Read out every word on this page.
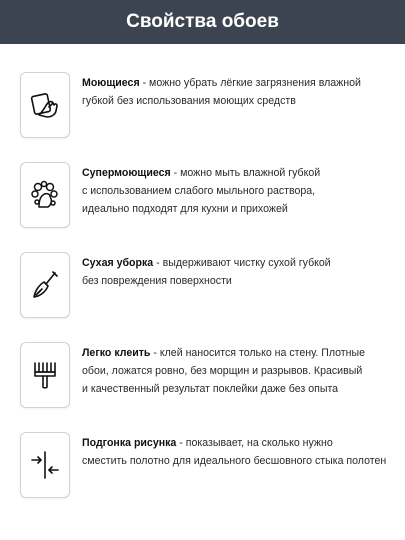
Свойства обоев
Моющиеся - можно убрать лёгкие загрязнения влажной
губкой без использования моющих средств
Супермоющиеся - можно мыть влажной губкой
с использованием слабого мыльного раствора,
идеально подходят для кухни и прихожей
Сухая уборка - выдерживают чистку сухой губкой
без повреждения поверхности
Легко клеить - клей наносится только на стену. Плотные
обои, ложатся ровно, без морщин и разрывов. Красивый
и качественный результат поклейки даже без опыта
Подгонка рисунка - показывает, на сколько нужно
сместить полотно для идеального бесшовного стыка полотен
